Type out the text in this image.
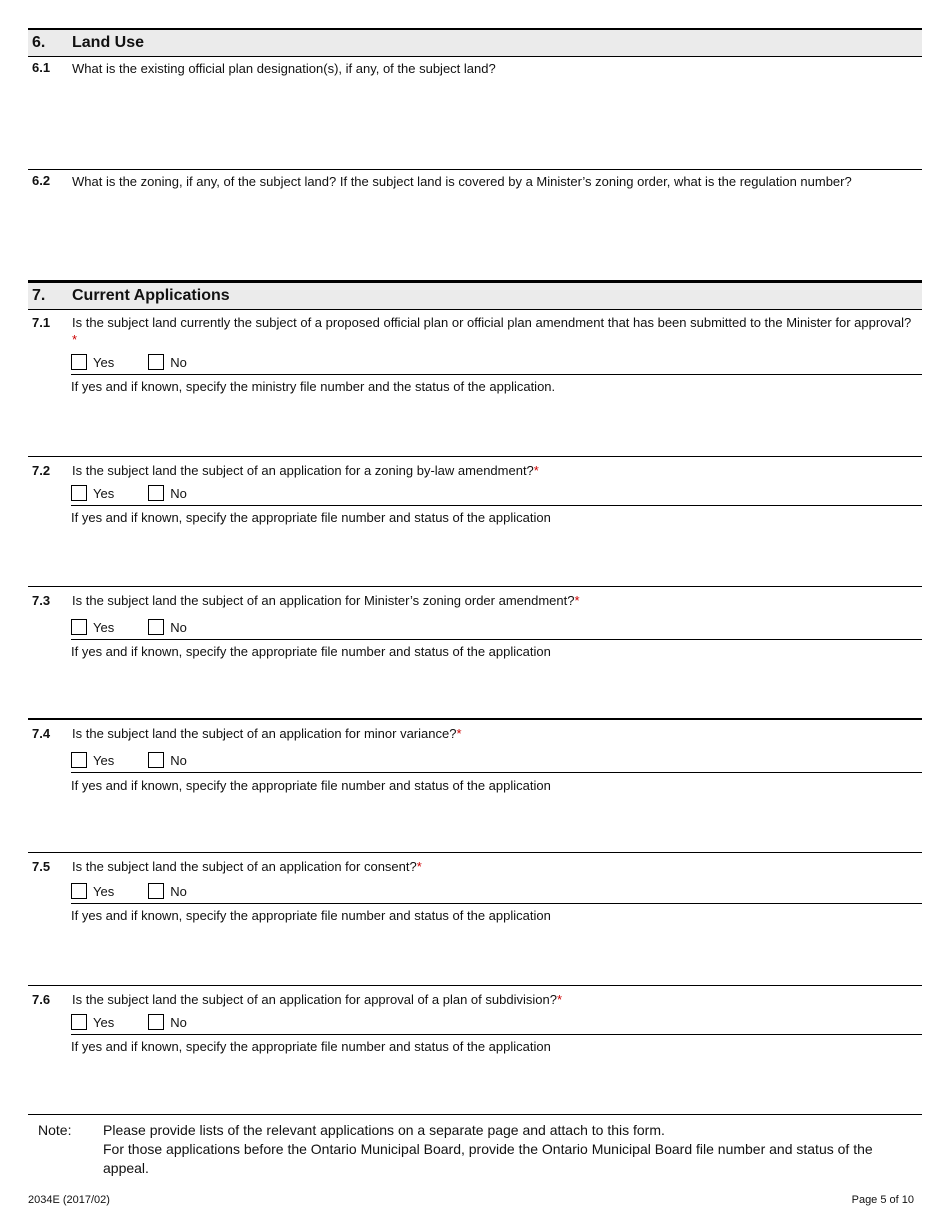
6.	Land Use
6.1	What is the existing official plan designation(s), if any, of the subject land?
6.2	What is the zoning, if any, of the subject land? If the subject land is covered by a Minister’s zoning order, what is the regulation number?
7.	Current Applications
7.1	Is the subject land currently the subject of a proposed official plan or official plan amendment that has been submitted to the Minister for approval?*
Yes	No
If yes and if known, specify the ministry file number and the status of the application.
7.2	Is the subject land the subject of an application for a zoning by-law amendment?*
Yes	No
If yes and if known, specify the appropriate file number and status of the application
7.3	Is the subject land the subject of an application for Minister’s zoning order amendment?*
Yes	No
If yes and if known, specify the appropriate file number and status of the application
7.4	Is the subject land the subject of an application for minor variance?*
Yes	No
If yes and if known, specify the appropriate file number and status of the application
7.5	Is the subject land the subject of an application for consent?*
Yes	No
If yes and if known, specify the appropriate file number and status of the application
7.6	Is the subject land the subject of an application for approval of a plan of subdivision?*
Yes	No
If yes and if known, specify the appropriate file number and status of the application
Note:	Please provide lists of the relevant applications on a separate page and attach to this form.
For those applications before the Ontario Municipal Board, provide the Ontario Municipal Board file number and status of the appeal.
2034E (2017/02)	Page 5 of 10
